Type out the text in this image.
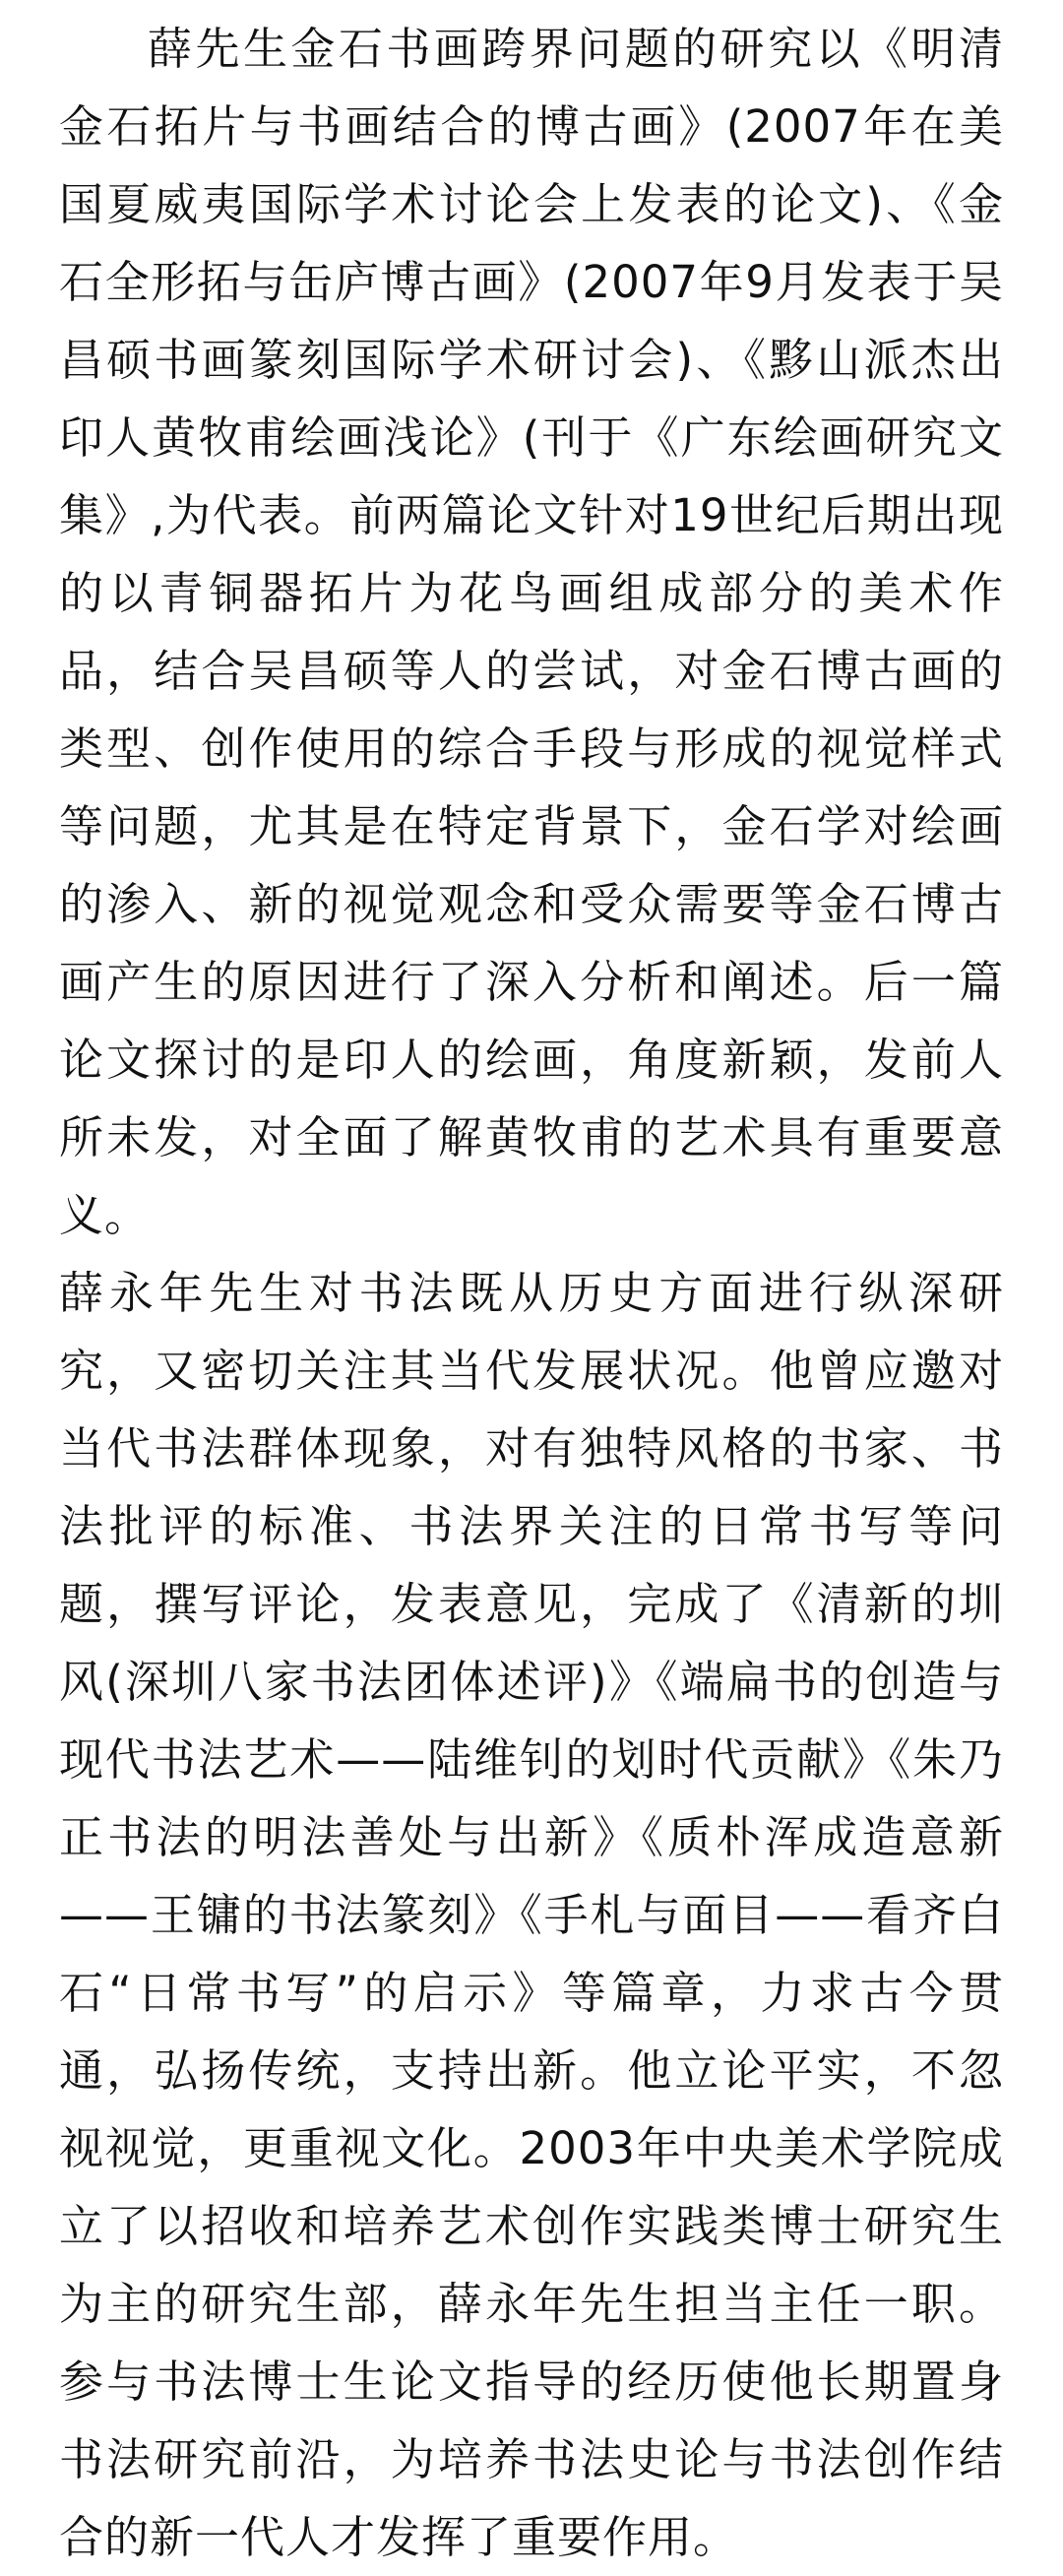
薛先生金石书画跨界问题的研究以《明清金石拓片与书画结合的博古画》(2007年在美国夏威夷国际学术讨论会上发表的论文)、《金石全形拓与缶庐博古画》(2007年9月发表于吴昌硕书画篆刻国际学术研讨会)、《黟山派杰出印人黄牧甫绘画浅论》(刊于《广东绘画研究文集》,为代表。前两篇论文针对19世纪后期出现的以青铜器拓片为花鸟画组成部分的美术作品，结合吴昌硕等人的尝试，对金石博古画的类型、创作使用的综合手段与形成的视觉样式等问题，尤其是在特定背景下，金石学对绘画的渗入、新的视觉观念和受众需要等金石博古画产生的原因进行了深入分析和阐述。后一篇论文探讨的是印人的绘画，角度新颖，发前人所未发，对全面了解黄牧甫的艺术具有重要意义。

薛永年先生对书法既从历史方面进行纵深研究，又密切关注其当代发展状况。他曾应邀对当代书法群体现象，对有独特风格的书家、书法批评的标准、书法界关注的日常书写等问题，撰写评论，发表意见，完成了《清新的圳风(深圳八家书法团体述评)》《端扁书的创造与现代书法艺术——陆维钊的划时代贡献》《朱乃正书法的明法善处与出新》《质朴浑成造意新——王镛的书法篆刻》《手札与面目——看齐白石“日常书写”的启示》等篇章，力求古今贯通，弘扬传统，支持出新。他立论平实，不忽视视觉，更重视文化。2003年中央美术学院成立了以招收和培养艺术创作实践类博士研究生为主的研究生部，薛永年先生担当主任一职。参与书法博士生论文指导的经历使他长期置身书法研究前沿，为培养书法史论与书法创作结合的新一代人才发挥了重要作用。
